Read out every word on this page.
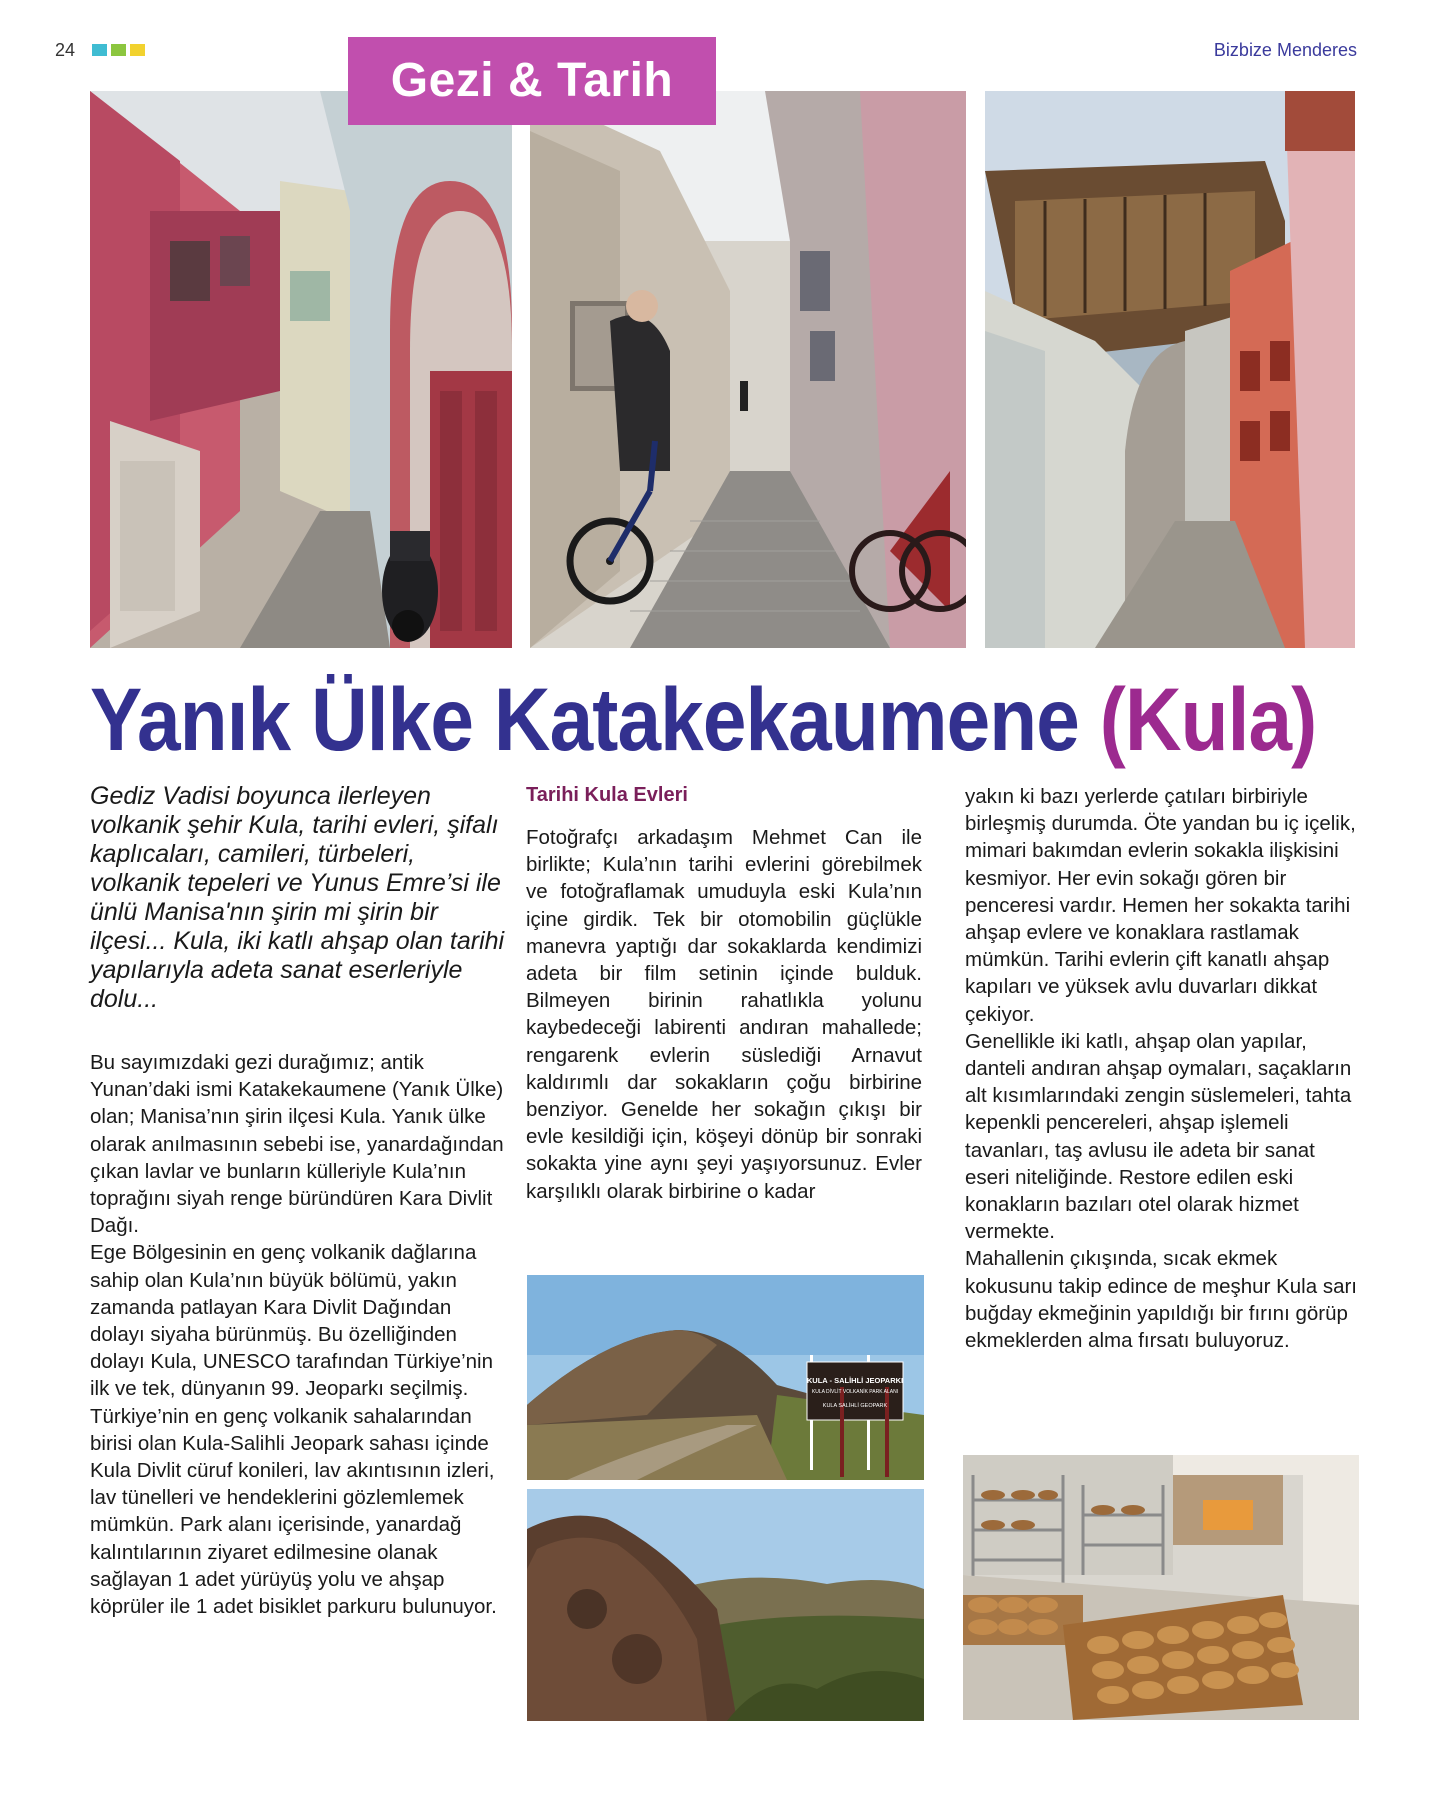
24	Bizbize Menderes
Gezi & Tarih
Yanık Ülke Katakekaumene (Kula)
Gediz Vadisi boyunca ilerleyen volkanik şehir Kula, tarihi evleri, şifalı kaplıcaları, camileri, türbeleri, volkanik tepeleri ve Yunus Emre’si ile ünlü Manisa'nın şirin mi şirin bir ilçesi... Kula, iki katlı ahşap olan tarihi yapılarıyla adeta sanat eserleriyle dolu...

Bu sayımızdaki gezi durağımız; antik Yunan’daki ismi Katakekaumene (Yanık Ülke) olan; Manisa’nın şirin ilçesi Kula. Yanık ülke olarak anılmasının sebebi ise, yanardağından çıkan lavlar ve bunların külleriyle Kula’nın toprağını siyah renge büründüren Kara Divlit Dağı.

Ege Bölgesinin en genç volkanik dağlarına sahip olan Kula’nın büyük bölümü, yakın zamanda patlayan Kara Divlit Dağından dolayı siyaha bürünmüş. Bu özelliğinden dolayı Kula, UNESCO tarafından Türkiye’nin ilk ve tek, dünyanın 99. Jeoparkı seçilmiş. Türkiye’nin en genç volkanik sahalarından birisi olan Kula-Salihli Jeopark sahası içinde Kula Divlit cüruf konileri, lav akıntısının izleri, lav tünelleri ve hendeklerini gözlemlemek mümkün. Park alanı içerisinde, yanardağ kalıntılarının ziyaret edilmesine olanak sağlayan 1 adet yürüyüş yolu ve ahşap köprüler ile 1 adet bisiklet parkuru bulunuyor.

Tarihi Kula Evleri

Fotoğrafçı arkadaşım Mehmet Can ile birlikte; Kula’nın tarihi evlerini görebilmek ve fotoğraflamak umuduyla eski Kula’nın içine girdik. Tek bir otomobilin güçlükle manevra yaptığı dar sokaklarda kendimizi adeta bir film setinin içinde bulduk. Bilmeyen birinin rahatlıkla yolunu kaybedeceği labirenti andıran mahallede; rengarenk evlerin süslediği Arnavut kaldırımlı dar sokakların çoğu birbirine benziyor. Genelde her sokağın çıkışı bir evle kesildiği için, köşeyi dönüp bir sonraki sokakta yine aynı şeyi yaşıyorsunuz. Evler karşılıklı olarak birbirine o kadar

KULA - SALİHLİ JEOPARKI
KULA DİVLİT VOLKANİK PARK ALANI
KULA SALİHLİ GEOPARK

yakın ki bazı yerlerde çatıları birbiriyle birleşmiş durumda. Öte yandan bu iç içelik, mimari bakımdan evlerin sokakla ilişkisini kesmiyor. Her evin sokağı gören bir penceresi vardır. Hemen her sokakta tarihi ahşap evlere ve konaklara rastlamak mümkün. Tarihi evlerin çift kanatlı ahşap kapıları ve yüksek avlu duvarları dikkat çekiyor.

Genellikle iki katlı, ahşap olan yapılar, danteli andıran ahşap oymaları, saçakların alt kısımlarındaki zengin süslemeleri, tahta kepenkli pencereleri, ahşap işlemeli tavanları, taş avlusu ile adeta bir sanat eseri niteliğinde. Restore edilen eski konakların bazıları otel olarak hizmet vermekte.

Mahallenin çıkışında, sıcak ekmek kokusunu takip edince de meşhur Kula sarı buğday ekmeğinin yapıldığı bir fırını görüp ekmeklerden alma fırsatı buluyoruz.
